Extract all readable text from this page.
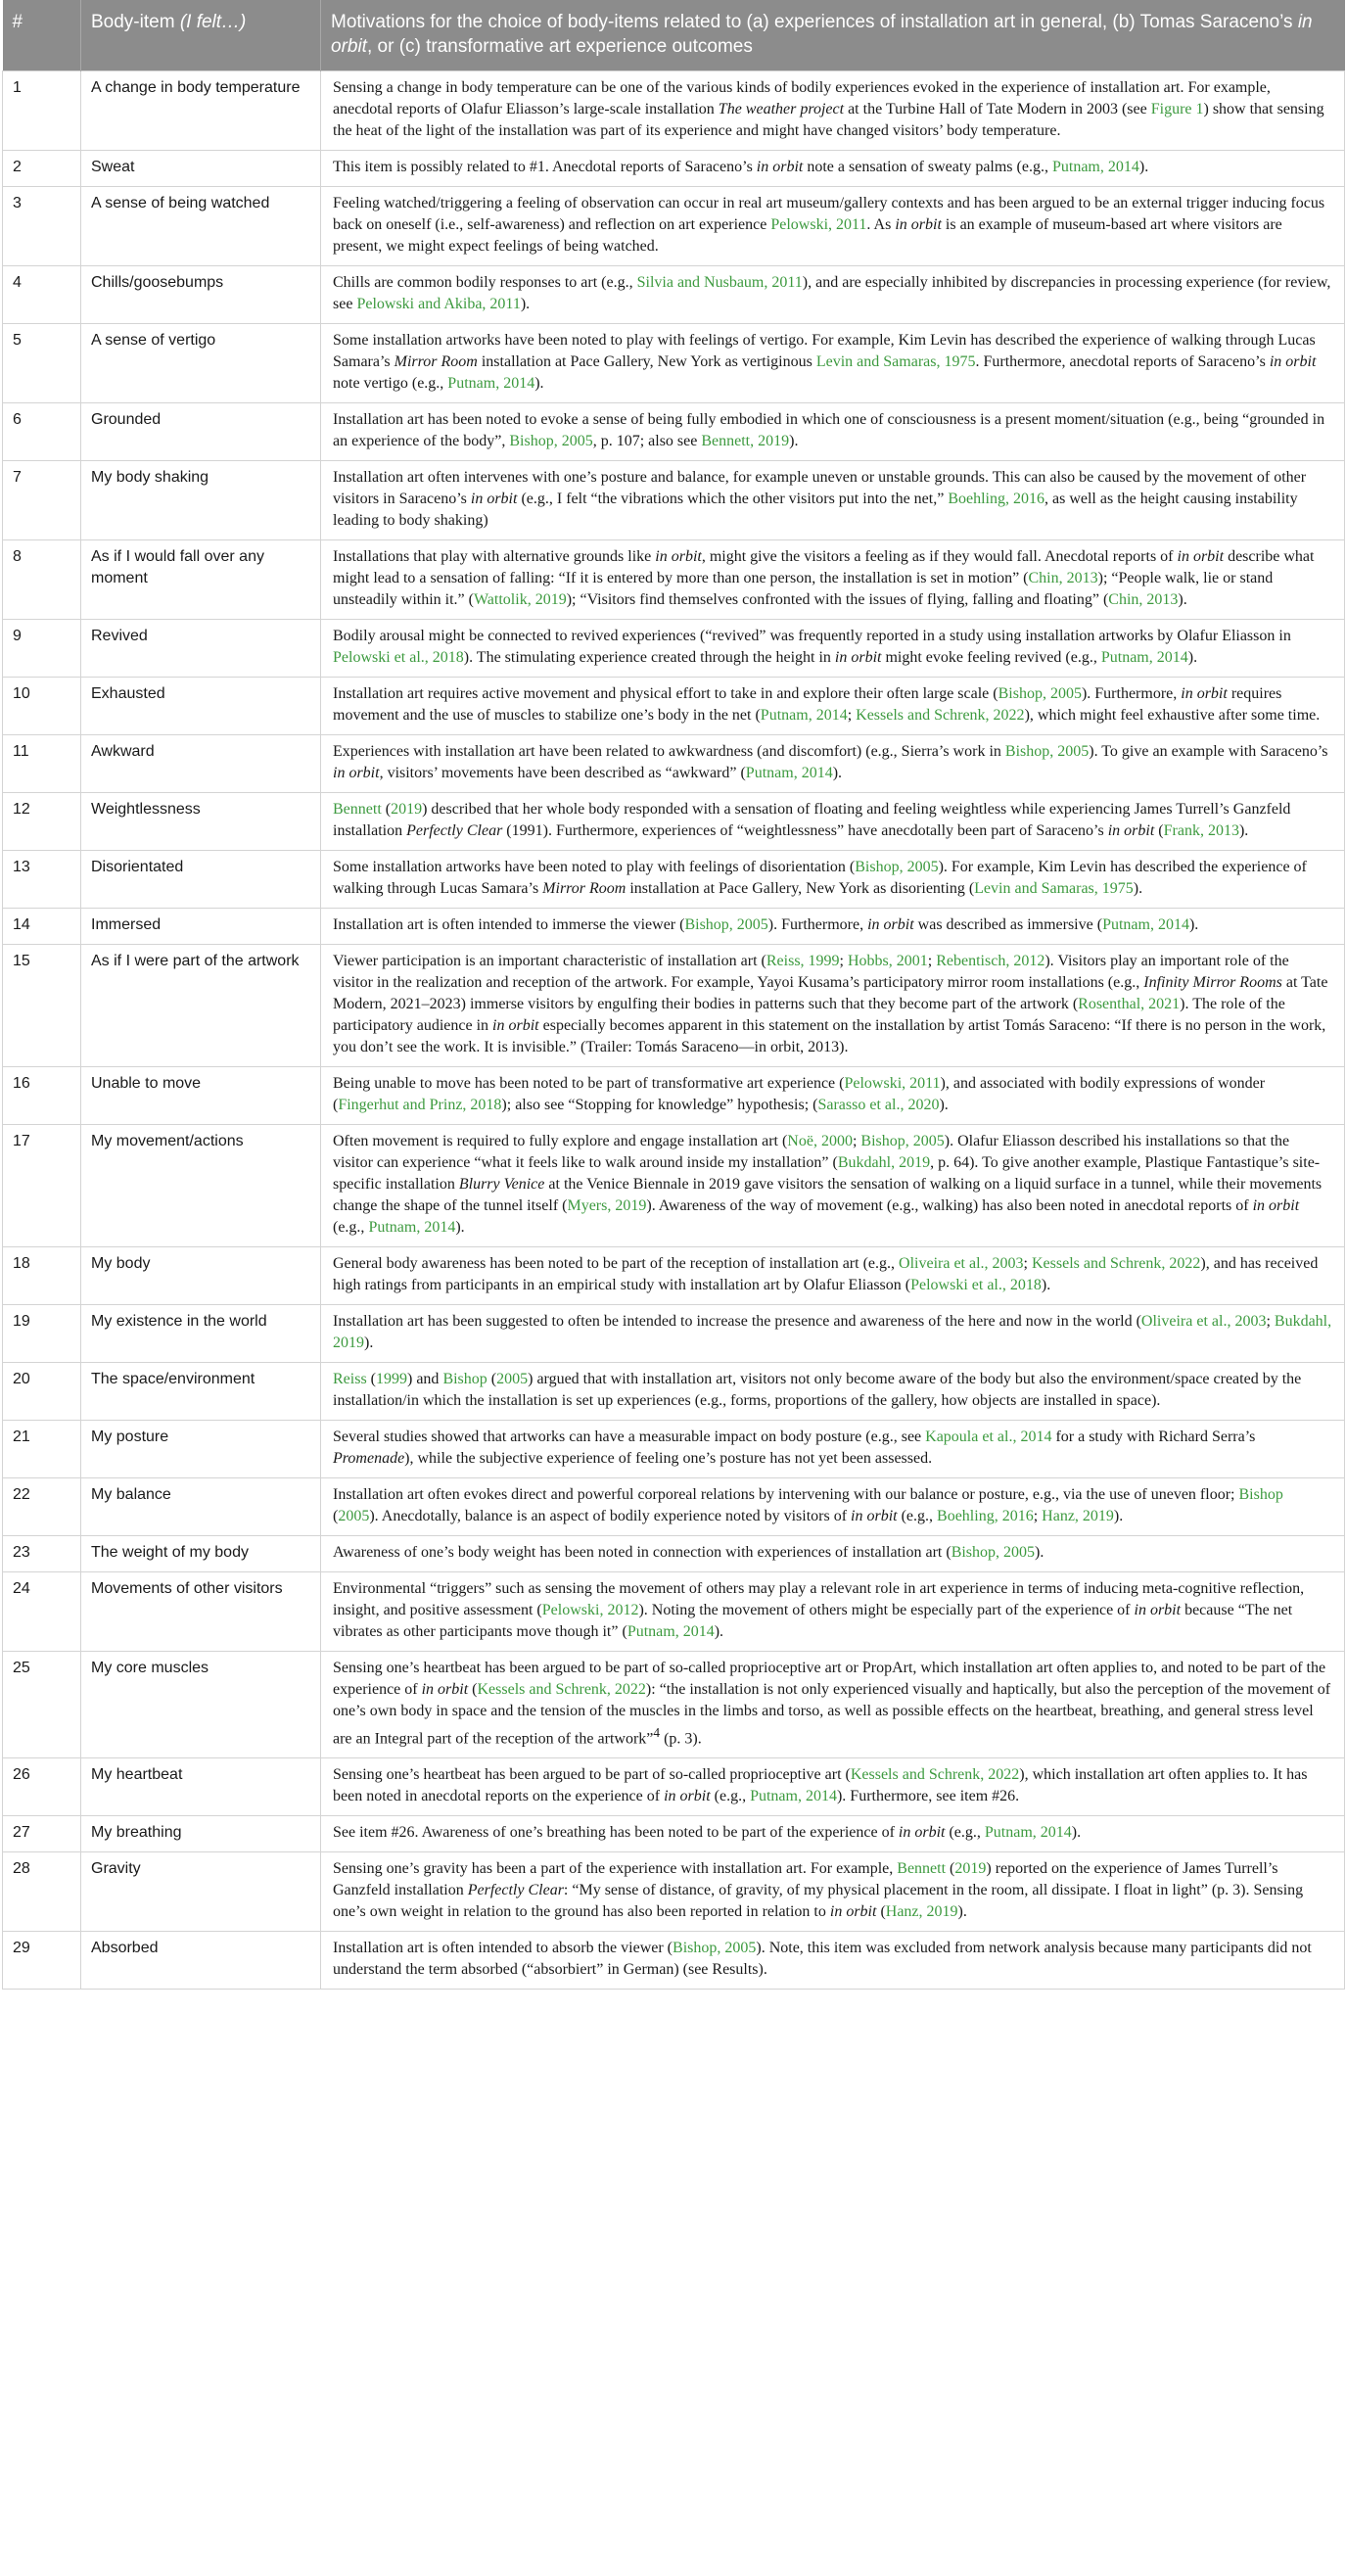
#	Body-item (I felt…)	Motivations for the choice of body-items related to (a) experiences of installation art in general, (b) Tomas Saraceno’s in orbit, or (c) transformative art experience outcomes
1	A change in body temperature	Sensing a change in body temperature can be one of the various kinds of bodily experiences evoked in the experience of installation art. For example, anecdotal reports of Olafur Eliasson’s large-scale installation The weather project at the Turbine Hall of Tate Modern in 2003 (see Figure 1) show that sensing the heat of the light of the installation was part of its experience and might have changed visitors’ body temperature.
2	Sweat	This item is possibly related to #1. Anecdotal reports of Saraceno’s in orbit note a sensation of sweaty palms (e.g., Putnam, 2014).
3	A sense of being watched	Feeling watched/triggering a feeling of observation can occur in real art museum/gallery contexts and has been argued to be an external trigger inducing focus back on oneself (i.e., self-awareness) and reflection on art experience Pelowski, 2011. As in orbit is an example of museum-based art where visitors are present, we might expect feelings of being watched.
4	Chills/goosebumps	Chills are common bodily responses to art (e.g., Silvia and Nusbaum, 2011), and are especially inhibited by discrepancies in processing experience (for review, see Pelowski and Akiba, 2011).
5	A sense of vertigo	Some installation artworks have been noted to play with feelings of vertigo. For example, Kim Levin has described the experience of walking through Lucas Samara’s Mirror Room installation at Pace Gallery, New York as vertiginous Levin and Samaras, 1975. Furthermore, anecdotal reports of Saraceno’s in orbit note vertigo (e.g., Putnam, 2014).
6	Grounded	Installation art has been noted to evoke a sense of being fully embodied in which one of consciousness is a present moment/situation (e.g., being “grounded in an experience of the body”, Bishop, 2005, p. 107; also see Bennett, 2019).
7	My body shaking	Installation art often intervenes with one’s posture and balance, for example uneven or unstable grounds. This can also be caused by the movement of other visitors in Saraceno’s in orbit (e.g., I felt “the vibrations which the other visitors put into the net,” Boehling, 2016, as well as the height causing instability leading to body shaking)
8	As if I would fall over any moment	Installations that play with alternative grounds like in orbit, might give the visitors a feeling as if they would fall. Anecdotal reports of in orbit describe what might lead to a sensation of falling: “If it is entered by more than one person, the installation is set in motion” (Chin, 2013); “People walk, lie or stand unsteadily within it.” (Wattolik, 2019); “Visitors find themselves confronted with the issues of flying, falling and floating” (Chin, 2013).
9	Revived	Bodily arousal might be connected to revived experiences (“revived” was frequently reported in a study using installation artworks by Olafur Eliasson in Pelowski et al., 2018). The stimulating experience created through the height in in orbit might evoke feeling revived (e.g., Putnam, 2014).
10	Exhausted	Installation art requires active movement and physical effort to take in and explore their often large scale (Bishop, 2005). Furthermore, in orbit requires movement and the use of muscles to stabilize one’s body in the net (Putnam, 2014; Kessels and Schrenk, 2022), which might feel exhaustive after some time.
11	Awkward	Experiences with installation art have been related to awkwardness (and discomfort) (e.g., Sierra’s work in Bishop, 2005). To give an example with Saraceno’s in orbit, visitors’ movements have been described as “awkward” (Putnam, 2014).
12	Weightlessness	Bennett (2019) described that her whole body responded with a sensation of floating and feeling weightless while experiencing James Turrell’s Ganzfeld installation Perfectly Clear (1991). Furthermore, experiences of “weightlessness” have anecdotally been part of Saraceno’s in orbit (Frank, 2013).
13	Disorientated	Some installation artworks have been noted to play with feelings of disorientation (Bishop, 2005). For example, Kim Levin has described the experience of walking through Lucas Samara’s Mirror Room installation at Pace Gallery, New York as disorienting (Levin and Samaras, 1975).
14	Immersed	Installation art is often intended to immerse the viewer (Bishop, 2005). Furthermore, in orbit was described as immersive (Putnam, 2014).
15	As if I were part of the artwork	Viewer participation is an important characteristic of installation art (Reiss, 1999; Hobbs, 2001; Rebentisch, 2012). Visitors play an important role of the visitor in the realization and reception of the artwork. For example, Yayoi Kusama’s participatory mirror room installations (e.g., Infinity Mirror Rooms at Tate Modern, 2021–2023) immerse visitors by engulfing their bodies in patterns such that they become part of the artwork (Rosenthal, 2021). The role of the participatory audience in in orbit especially becomes apparent in this statement on the installation by artist Tomás Saraceno: “If there is no person in the work, you don’t see the work. It is invisible.” (Trailer: Tomás Saraceno—in orbit, 2013).
16	Unable to move	Being unable to move has been noted to be part of transformative art experience (Pelowski, 2011), and associated with bodily expressions of wonder (Fingerhut and Prinz, 2018); also see “Stopping for knowledge” hypothesis; (Sarasso et al., 2020).
17	My movement/actions	Often movement is required to fully explore and engage installation art (Noë, 2000; Bishop, 2005). Olafur Eliasson described his installations so that the visitor can experience “what it feels like to walk around inside my installation” (Bukdahl, 2019, p. 64). To give another example, Plastique Fantastique’s site-specific installation Blurry Venice at the Venice Biennale in 2019 gave visitors the sensation of walking on a liquid surface in a tunnel, while their movements change the shape of the tunnel itself (Myers, 2019). Awareness of the way of movement (e.g., walking) has also been noted in anecdotal reports of in orbit (e.g., Putnam, 2014).
18	My body	General body awareness has been noted to be part of the reception of installation art (e.g., Oliveira et al., 2003; Kessels and Schrenk, 2022), and has received high ratings from participants in an empirical study with installation art by Olafur Eliasson (Pelowski et al., 2018).
19	My existence in the world	Installation art has been suggested to often be intended to increase the presence and awareness of the here and now in the world (Oliveira et al., 2003; Bukdahl, 2019).
20	The space/environment	Reiss (1999) and Bishop (2005) argued that with installation art, visitors not only become aware of the body but also the environment/space created by the installation/in which the installation is set up experiences (e.g., forms, proportions of the gallery, how objects are installed in space).
21	My posture	Several studies showed that artworks can have a measurable impact on body posture (e.g., see Kapoula et al., 2014 for a study with Richard Serra’s Promenade), while the subjective experience of feeling one’s posture has not yet been assessed.
22	My balance	Installation art often evokes direct and powerful corporeal relations by intervening with our balance or posture, e.g., via the use of uneven floor; Bishop (2005). Anecdotally, balance is an aspect of bodily experience noted by visitors of in orbit (e.g., Boehling, 2016; Hanz, 2019).
23	The weight of my body	Awareness of one’s body weight has been noted in connection with experiences of installation art (Bishop, 2005).
24	Movements of other visitors	Environmental “triggers” such as sensing the movement of others may play a relevant role in art experience in terms of inducing meta-cognitive reflection, insight, and positive assessment (Pelowski, 2012). Noting the movement of others might be especially part of the experience of in orbit because “The net vibrates as other participants move though it” (Putnam, 2014).
25	My core muscles	Sensing one’s heartbeat has been argued to be part of so-called proprioceptive art or PropArt, which installation art often applies to, and noted to be part of the experience of in orbit (Kessels and Schrenk, 2022): “the installation is not only experienced visually and haptically, but also the perception of the movement of one’s own body in space and the tension of the muscles in the limbs and torso, as well as possible effects on the heartbeat, breathing, and general stress level are an Integral part of the reception of the artwork”$^4$ (p. 3).
26	My heartbeat	Sensing one’s heartbeat has been argued to be part of so-called proprioceptive art (Kessels and Schrenk, 2022), which installation art often applies to. It has been noted in anecdotal reports on the experience of in orbit (e.g., Putnam, 2014). Furthermore, see item #26.
27	My breathing	See item #26. Awareness of one’s breathing has been noted to be part of the experience of in orbit (e.g., Putnam, 2014).
28	Gravity	Sensing one’s gravity has been a part of the experience with installation art. For example, Bennett (2019) reported on the experience of James Turrell’s Ganzfeld installation Perfectly Clear: “My sense of distance, of gravity, of my physical placement in the room, all dissipate. I float in light” (p. 3). Sensing one’s own weight in relation to the ground has also been reported in relation to in orbit (Hanz, 2019).
29	Absorbed	Installation art is often intended to absorb the viewer (Bishop, 2005). Note, this item was excluded from network analysis because many participants did not understand the term absorbed (“absorbiert” in German) (see Results).
